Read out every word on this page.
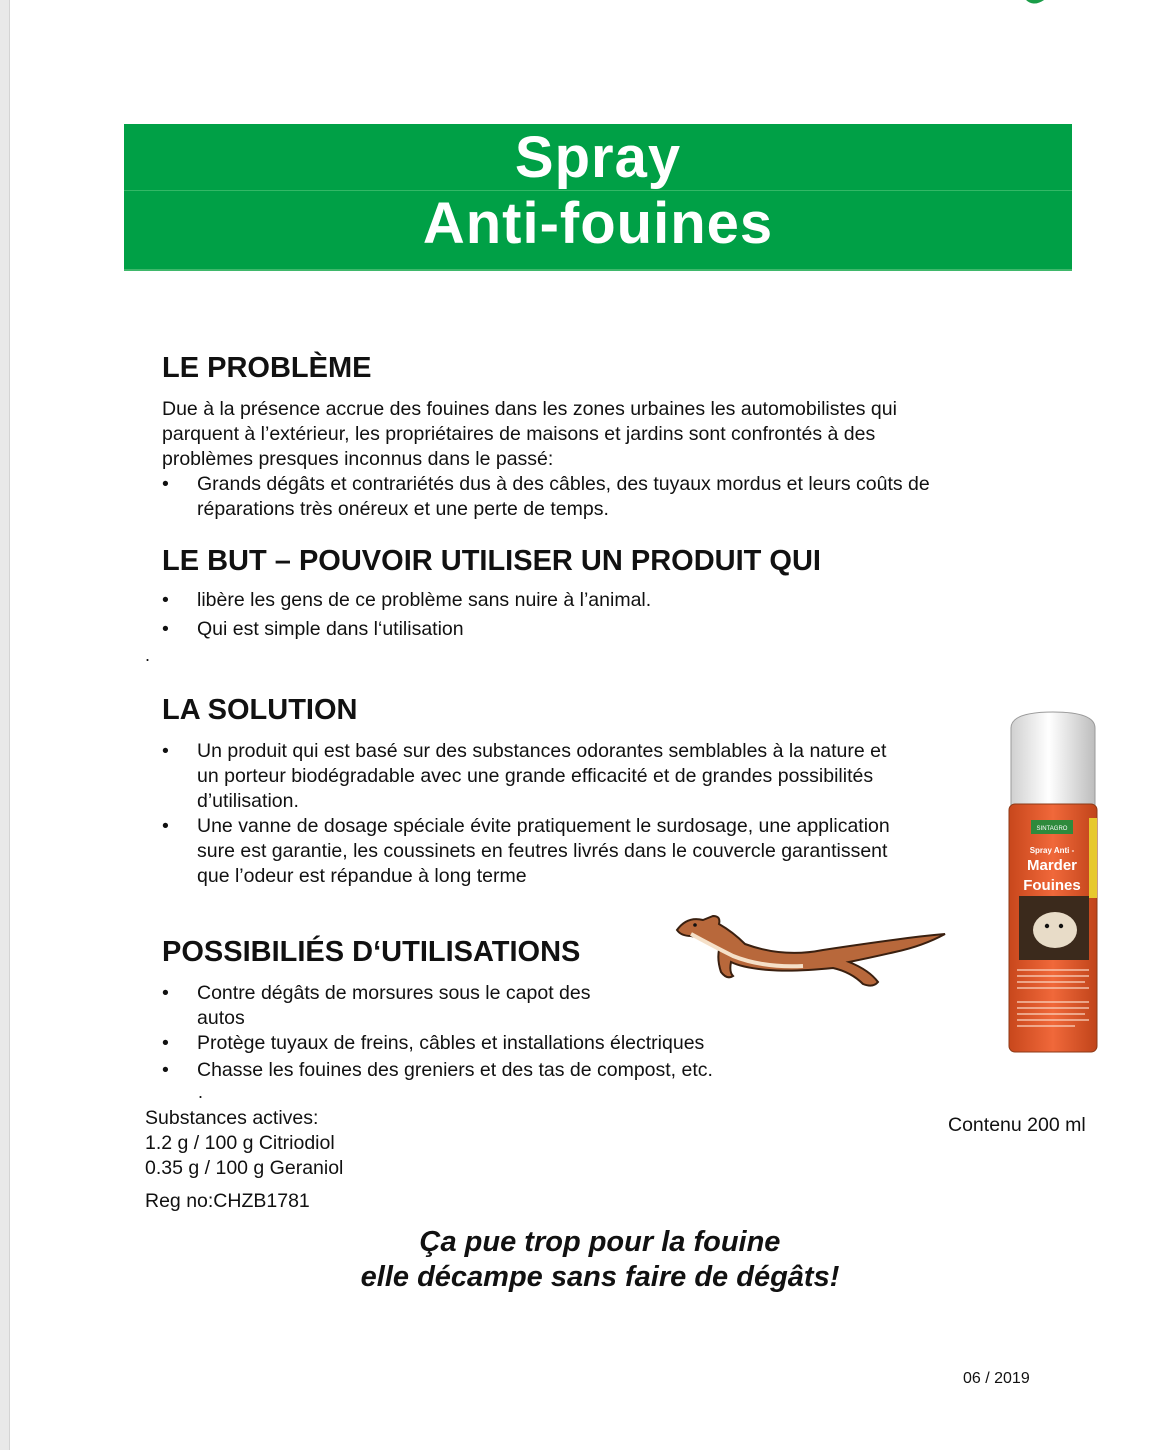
Spray
Anti-fouines
LE PROBLÈME

Due à la présence accrue des fouines dans les zones urbaines les automobilistes qui
parquent à l’extérieur, les propriétaires de maisons et jardins sont confrontés à des
problèmes presques inconnus dans le passé:

Grands dégâts et contrariétés dus à des câbles, des tuyaux mordus et leurs coûts de
réparations très onéreux et une perte de temps.
LE BUT – POUVOIR UTILISER UN PRODUIT QUI
libère les gens de ce problème sans nuire à l’animal.
Qui est simple dans l‘utilisation
.
LA SOLUTION
Un produit qui est basé sur des substances odorantes semblables à la nature et
un porteur biodégradable avec une grande efficacité et de grandes possibilités
d’utilisation.
Une vanne de dosage spéciale évite pratiquement le surdosage, une application
sure est garantie, les coussinets en feutres livrés dans le couvercle garantissent
que l’odeur est répandue à long terme
POSSIBILIÉS D‘UTILISATIONS
Contre dégâts de morsures sous le capot des
autos
Protège tuyaux de freins, câbles et installations électriques
Chasse les fouines des greniers et des tas de compost, etc.
.
SINTAGRO
Spray Anti -
Marder
Fouines
Substances actives:
1.2 g / 100 g Citriodiol
0.35 g / 100 g Geraniol
Reg no:CHZB1781
Contenu 200 ml
Ça pue trop pour la fouine
elle décampe sans faire de dégâts!
06 / 2019
